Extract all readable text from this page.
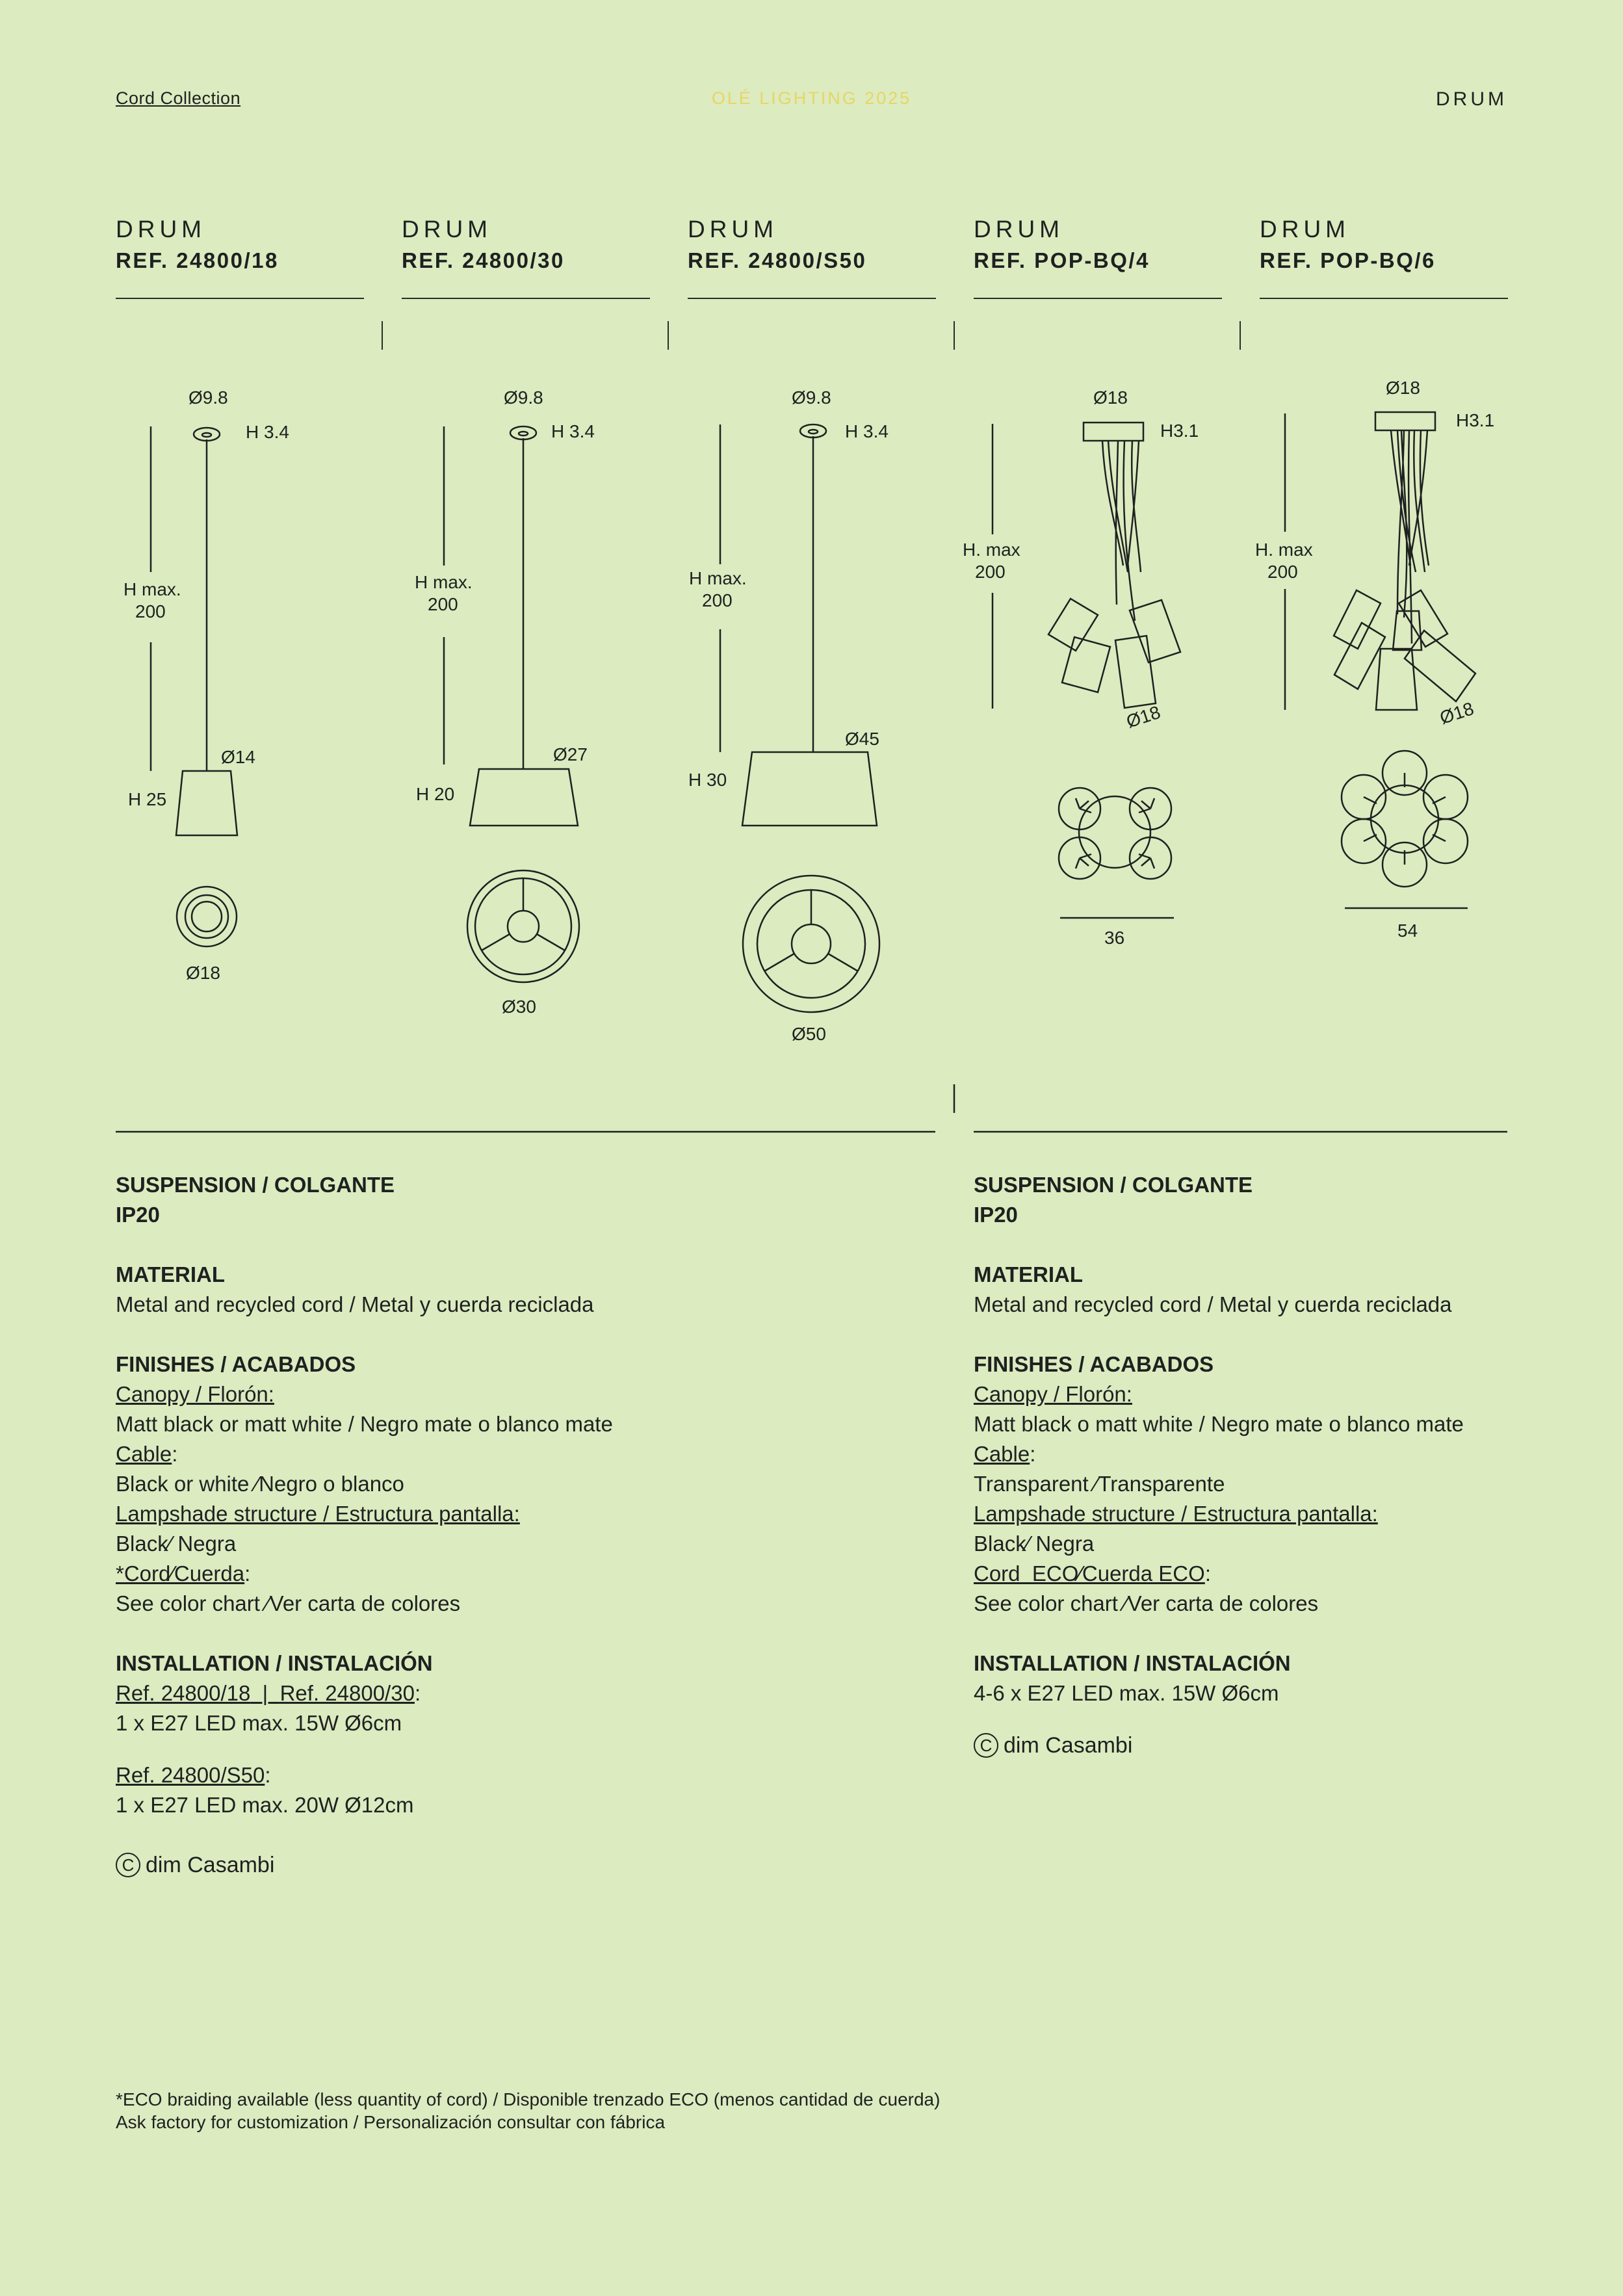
Cord Collection	OLÉ LIGHTING 2025	DRUM
DRUM
REF. 24800/18
DRUM
REF. 24800/30
DRUM
REF. 24800/S50
DRUM
REF. POP-BQ/4
DRUM
REF. POP-BQ/6
Ø9.8
H 3.4
H max.
200
Ø14
H 25
Ø18
Ø9.8
H 3.4
H max.
200
Ø27
H 20
Ø30
Ø9.8
H 3.4
H max.
200
Ø45
H 30
Ø50
Ø18
H3.1
H. max
200
Ø18
36
Ø18
H3.1
H. max
200
Ø18
54

SUSPENSION / COLGANTE

IP20

MATERIAL

Metal and recycled cord / Metal y cuerda reciclada

FINISHES / ACABADOS

Canopy / Florón:

Matt black or matt white / Negro mate o blanco mate

Cable:

Black or white ⁄Negro o blanco

Lampshade structure / Estructura pantalla:

Black⁄ Negra

*Cord⁄Cuerda:

See color chart ⁄Ver carta de colores

INSTALLATION / INSTALACIÓN

Ref. 24800/18  |  Ref. 24800/30:

1 x E27 LED max. 15W Ø6cm

Ref. 24800/S50:

1 x E27 LED max. 20W Ø12cm

C dim Casambi

SUSPENSION / COLGANTE

IP20

MATERIAL

Metal and recycled cord / Metal y cuerda reciclada

FINISHES / ACABADOS

Canopy / Florón:

Matt black o matt white / Negro mate o blanco mate

Cable:

Transparent ⁄Transparente

Lampshade structure / Estructura pantalla:

Black⁄ Negra

Cord  ECO⁄Cuerda ECO:

See color chart ⁄Ver carta de colores

INSTALLATION / INSTALACIÓN

4-6 x E27 LED max. 15W Ø6cm

C dim Casambi

*ECO braiding available (less quantity of cord) / Disponible trenzado ECO (menos cantidad de cuerda)

Ask factory for customization / Personalización consultar con fábrica
